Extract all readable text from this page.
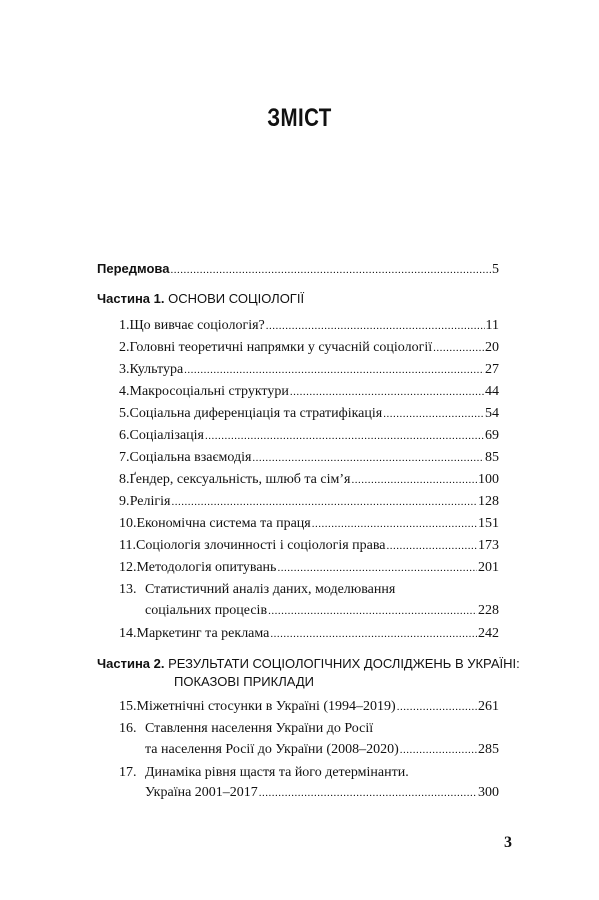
ЗМІСТ
Передмова .....	5
Частина 1. ОСНОВИ СОЦІОЛОГІЇ
1. Що вивчає соціологія? .....	11
2. Головні теоретичні напрямки у сучасній соціології .....	20
3. Культура .....	27
4. Макросоціальні структури .....	44
5. Соціальна диференціація та стратифікація .....	54
6. Соціалізація .....	69
7. Соціальна взаємодія .....	85
8. Ґендер, сексуальність, шлюб та сім’я .....	100
9. Релігія .....	128
10. Економічна система та праця .....	151
11. Соціологія злочинності і соціологія права .....	173
12. Методологія опитувань .....	201
13. Статистичний аналіз даних, моделювання
соціальних процесів .....	228
14. Маркетинг та реклама .....	242
Частина 2. РЕЗУЛЬТАТИ СОЦІОЛОГІЧНИХ ДОСЛІДЖЕНЬ В УКРАЇНІ:
ПОКАЗОВІ ПРИКЛАДИ
15. Міжетнічні стосунки в Україні (1994–2019) .....	261
16. Ставлення населення України до Росії
та населення Росії до України (2008–2020) .....	285
17. Динаміка рівня щастя та його детермінанти.
Україна 2001–2017 .....	300
3
